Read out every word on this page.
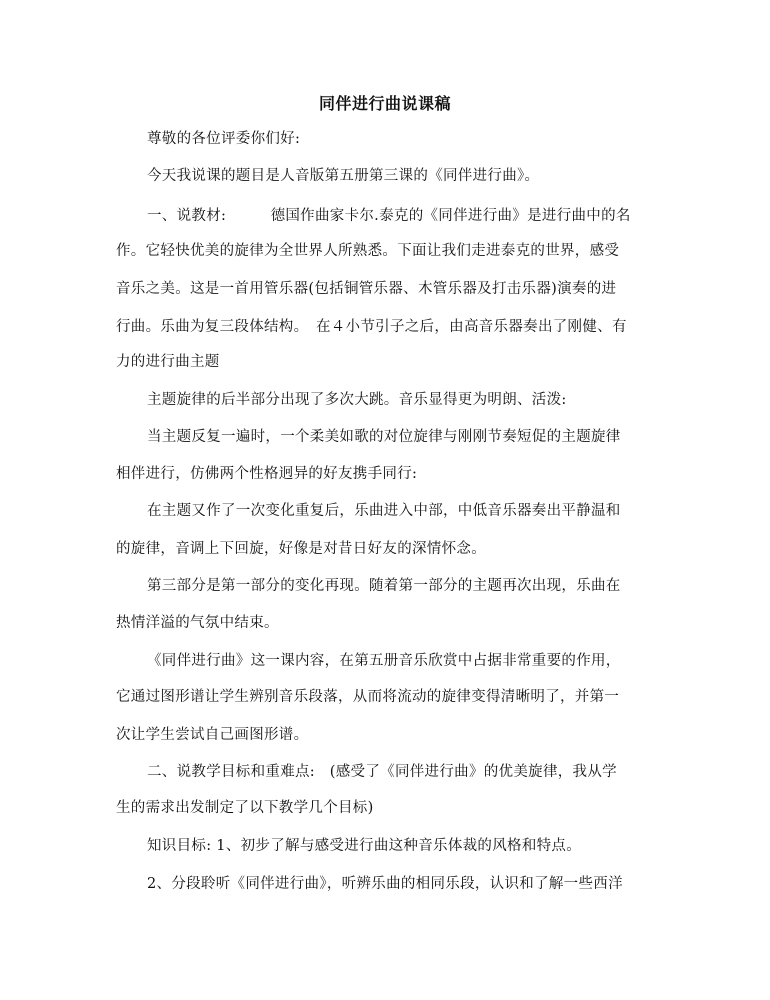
同伴进行曲说课稿
尊敬的各位评委你们好:
今天我说课的题目是人音版第五册第三课的《同伴进行曲》。
一、说教材:　　　德国作曲家卡尔.泰克的《同伴进行曲》是进行曲中的名
作。它轻快优美的旋律为全世界人所熟悉。下面让我们走进泰克的世界，感受
音乐之美。这是一首用管乐器(包括铜管乐器、木管乐器及打击乐器)演奏的进
行曲。乐曲为复三段体结构。　在４小节引子之后，由高音乐器奏出了刚健、有
力的进行曲主题
主题旋律的后半部分出现了多次大跳。音乐显得更为明朗、活泼:
当主题反复一遍时，一个柔美如歌的对位旋律与刚刚节奏短促的主题旋律
相伴进行，仿佛两个性格迥异的好友携手同行:
在主题又作了一次变化重复后，乐曲进入中部，中低音乐器奏出平静温和
的旋律，音调上下回旋，好像是对昔日好友的深情怀念。
第三部分是第一部分的变化再现。随着第一部分的主题再次出现，乐曲在
热情洋溢的气氛中结束。
《同伴进行曲》这一课内容，在第五册音乐欣赏中占据非常重要的作用，
它通过图形谱让学生辨别音乐段落，从而将流动的旋律变得清晰明了，并第一
次让学生尝试自己画图形谱。
二、说教学目标和重难点:　(感受了《同伴进行曲》的优美旋律，我从学
生的需求出发制定了以下教学几个目标)
知识目标: 1、初步了解与感受进行曲这种音乐体裁的风格和特点。
2、分段聆听《同伴进行曲》，听辨乐曲的相同乐段，认识和了解一些西洋
